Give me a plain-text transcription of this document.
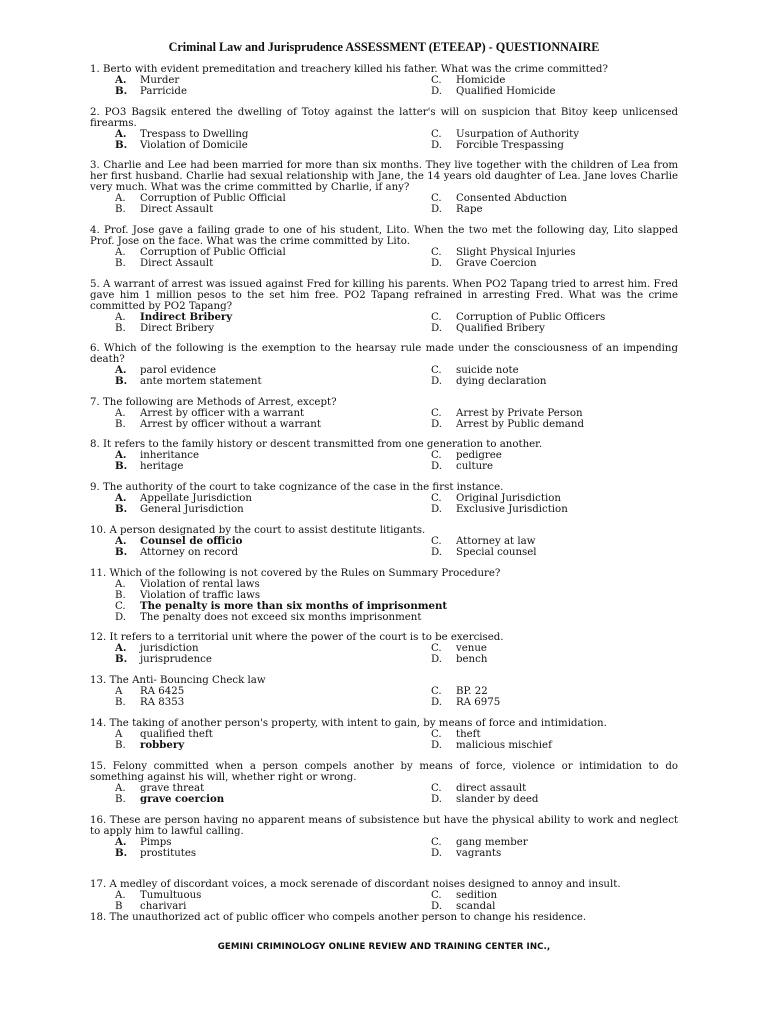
Criminal Law and Jurisprudence ASSESSMENT (ETEEAP) - QUESTIONNAIRE
1. Berto with evident premeditation and treachery killed his father. What was the crime committed?
A.	Murder	C.	Homicide
B.	Parricide	D.	Qualified Homicide
2. PO3 Bagsik entered the dwelling of Totoy against the latter's will on suspicion that Bitoy keep unlicensed firearms.
A.	Trespass to Dwelling	C.	Usurpation of Authority
B.	Violation of Domicile	D.	Forcible Trespassing
3. Charlie and Lee had been married for more than six months. They live together with the children of Lea from her first husband. Charlie had sexual relationship with Jane, the 14 years old daughter of Lea. Jane loves Charlie very much. What was the crime committed by Charlie, if any?
A.	Corruption of Public Official	C.	Consented Abduction
B.	Direct Assault	D.	Rape
4. Prof. Jose gave a failing grade to one of his student, Lito. When the two met the following day, Lito slapped Prof. Jose on the face. What was the crime committed by Lito.
A.	Corruption of Public Official	C.	Slight Physical Injuries
B.	Direct Assault	D.	Grave Coercion
5. A warrant of arrest was issued against Fred for killing his parents. When PO2 Tapang tried to arrest him. Fred gave him 1 million pesos to the set him free. PO2 Tapang refrained in arresting Fred. What was the crime committed by PO2 Tapang?
A.	Indirect Bribery	C.	Corruption of Public Officers
B.	Direct Bribery	D.	Qualified Bribery
6. Which of the following is the exemption to the hearsay rule made under the consciousness of an impending death?
A.	parol evidence	C.	suicide note
B.	ante mortem statement	D.	dying declaration
7. The following are Methods of Arrest, except?
A.	Arrest by officer with a warrant	C.	Arrest by Private Person
B.	Arrest by officer without a warrant	D.	Arrest by Public demand
8. It refers to the family history or descent transmitted from one generation to another.
A.	inheritance	C.	pedigree
B.	heritage	D.	culture
9. The authority of the court to take cognizance of the case in the first instance.
A.	Appellate Jurisdiction	C.	Original Jurisdiction
B.	General Jurisdiction	D.	Exclusive Jurisdiction
10. A person designated by the court to assist destitute litigants.
A.	Counsel de officio	C.	Attorney at law
B.	Attorney on record	D.	Special counsel
11. Which of the following is not covered by the Rules on Summary Procedure?
A.	Violation of rental laws
B.	Violation of traffic laws
C.	The penalty is more than six months of imprisonment
D.	The penalty does not exceed six months imprisonment
12. It refers to a territorial unit where the power of the court is to be exercised.
A.	jurisdiction	C.	venue
B.	jurisprudence	D.	bench
13. The Anti- Bouncing Check law
A	RA 6425	C.	BP. 22
B.	RA 8353	D.	RA 6975
14. The taking of another person's property, with intent to gain, by means of force and intimidation.
A	qualified theft	C.	theft
B.	robbery	D.	malicious mischief
15. Felony committed when a person compels another by means of force, violence or intimidation to do something against his will, whether right or wrong.
A.	grave threat	C.	direct assault
B.	grave coercion	D.	slander by deed
16. These are person having no apparent means of subsistence but have the physical ability to work and neglect to apply him to lawful calling.
A.	Pimps	C.	gang member
B.	prostitutes	D.	vagrants
17. A medley of discordant voices, a mock serenade of discordant noises designed to annoy and insult.
A.	Tumultuous	C.	sedition
B	charivari	D.	scandal
18. The unauthorized act of public officer who compels another person to change his residence.
GEMINI CRIMINOLOGY ONLINE REVIEW AND TRAINING CENTER INC.,
